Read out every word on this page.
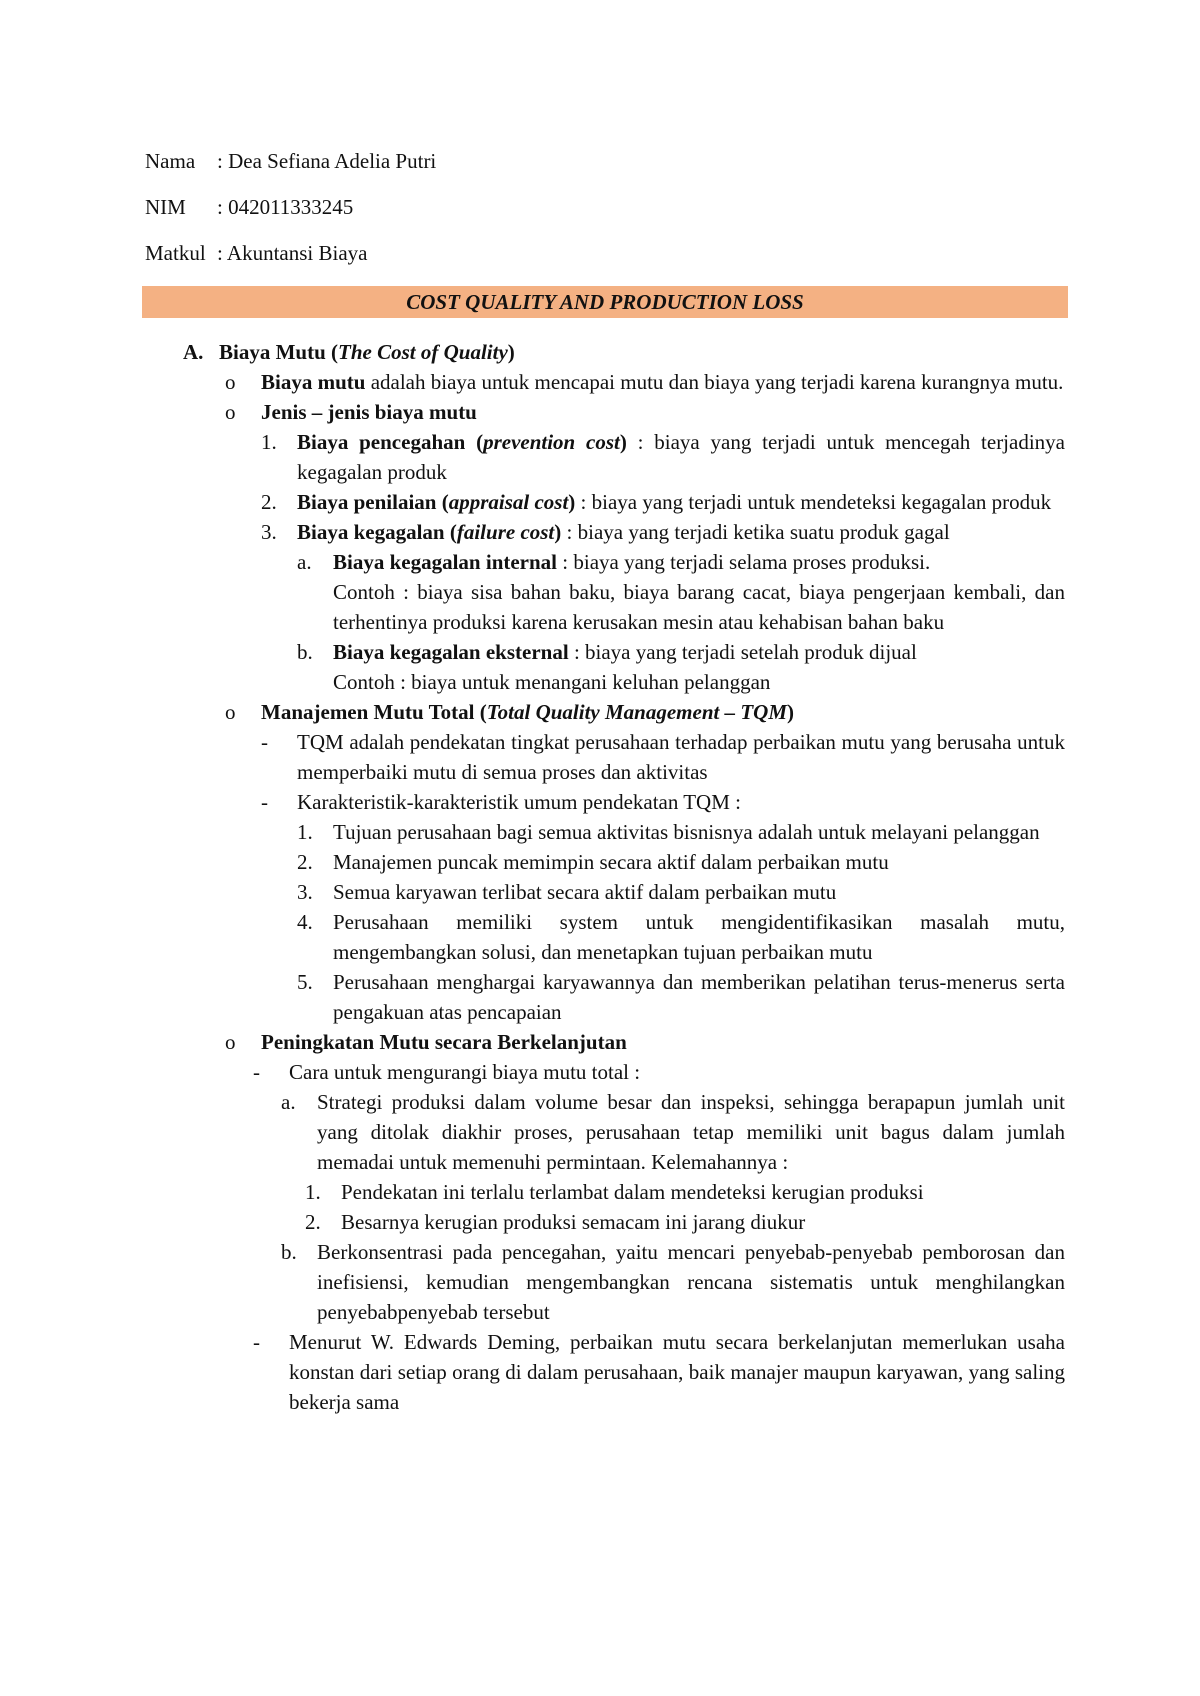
Nama : Dea Sefiana Adelia Putri
NIM : 042011333245
Matkul : Akuntansi Biaya
COST QUALITY AND PRODUCTION LOSS
A. Biaya Mutu (The Cost of Quality)
o Biaya mutu adalah biaya untuk mencapai mutu dan biaya yang terjadi karena kurangnya mutu.
o Jenis – jenis biaya mutu
1. Biaya pencegahan (prevention cost) : biaya yang terjadi untuk mencegah terjadinya kegagalan produk
2. Biaya penilaian (appraisal cost) : biaya yang terjadi untuk mendeteksi kegagalan produk
3. Biaya kegagalan (failure cost) : biaya yang terjadi ketika suatu produk gagal
a. Biaya kegagalan internal : biaya yang terjadi selama proses produksi.
Contoh : biaya sisa bahan baku, biaya barang cacat, biaya pengerjaan kembali, dan terhentinya produksi karena kerusakan mesin atau kehabisan bahan baku
b. Biaya kegagalan eksternal : biaya yang terjadi setelah produk dijual
Contoh : biaya untuk menangani keluhan pelanggan
o Manajemen Mutu Total (Total Quality Management – TQM)
- TQM adalah pendekatan tingkat perusahaan terhadap perbaikan mutu yang berusaha untuk memperbaiki mutu di semua proses dan aktivitas
- Karakteristik-karakteristik umum pendekatan TQM :
1. Tujuan perusahaan bagi semua aktivitas bisnisnya adalah untuk melayani pelanggan
2. Manajemen puncak memimpin secara aktif dalam perbaikan mutu
3. Semua karyawan terlibat secara aktif dalam perbaikan mutu
4. Perusahaan memiliki system untuk mengidentifikasikan masalah mutu, mengembangkan solusi, dan menetapkan tujuan perbaikan mutu
5. Perusahaan menghargai karyawannya dan memberikan pelatihan terus-menerus serta pengakuan atas pencapaian
o Peningkatan Mutu secara Berkelanjutan
- Cara untuk mengurangi biaya mutu total :
a. Strategi produksi dalam volume besar dan inspeksi, sehingga berapapun jumlah unit yang ditolak diakhir proses, perusahaan tetap memiliki unit bagus dalam jumlah memadai untuk memenuhi permintaan. Kelemahannya :
1. Pendekatan ini terlalu terlambat dalam mendeteksi kerugian produksi
2. Besarnya kerugian produksi semacam ini jarang diukur
b. Berkonsentrasi pada pencegahan, yaitu mencari penyebab-penyebab pemborosan dan inefisiensi, kemudian mengembangkan rencana sistematis untuk menghilangkan penyebabpenyebab tersebut
- Menurut W. Edwards Deming, perbaikan mutu secara berkelanjutan memerlukan usaha konstan dari setiap orang di dalam perusahaan, baik manajer maupun karyawan, yang saling bekerja sama
